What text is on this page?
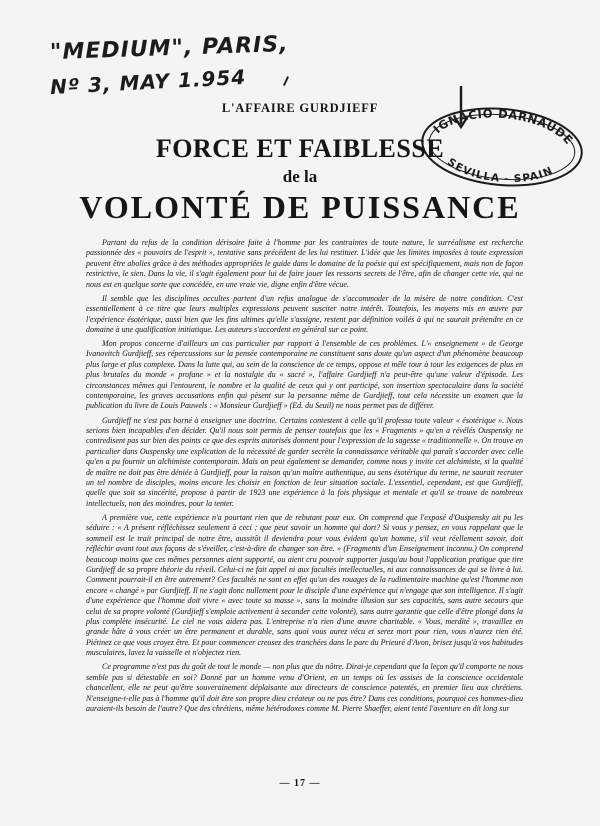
"MEDIUM", PARIS,
Nº 3, MAY 1.954
IGNACIO DARNAUDE
SEVILLA - SPAIN
L'AFFAIRE GURDJIEFF
FORCE ET FAIBLESSE
de la
VOLONTÉ DE PUISSANCE

Partant du refus de la condition dérisoire faite à l'homme par les contraintes de toute nature, le surréalisme est recherche passionnée des « pouvoirs de l'esprit », tentative sans précédent de les lui restituer. L'idée que les limites imposées à toute expression peuvent être abolies grâce à des méthodes appropriées le guide dans le domaine de la poésie qui est spécifiquement, mais non de façon restrictive, le sien. Dans la vie, il s'agit également pour lui de faire jouer les ressorts secrets de l'être, afin de changer cette vie, qui ne nous est en quelque sorte que concédée, en une vraie vie, digne enfin d'être vécue.

Il semble que les disciplines occultes partent d'un refus analogue de s'accommoder de la misère de notre condition. C'est essentiellement à ce titre que leurs multiples expressions peuvent susciter notre intérêt. Toutefois, les moyens mis en œuvre par l'expérience ésotérique, aussi bien que les fins ultimes qu'elle s'assigne, restent par définition voilés à qui ne saurait prétendre en ce domaine à une qualification initiatique. Les auteurs s'accordent en général sur ce point.

Mon propos concerne d'ailleurs un cas particulier par rapport à l'ensemble de ces problèmes. L'« enseignement » de George Ivanovitch Gurdjieff, ses répercussions sur la pensée contemporaine ne constituent sans doute qu'un aspect d'un phénomène beaucoup plus large et plus complexe. Dans la lutte qui, au sein de la conscience de ce temps, oppose et mêle tour à tour les exigences de plus en plus brutales du monde « profane » et la nostalgie du « sacré », l'affaire Gurdjieff n'a peut-être qu'une valeur d'épisode. Les circonstances mêmes qui l'entourent, le nombre et la qualité de ceux qui y ont participé, son insertion spectaculaire dans la société contemporaine, les graves accusations enfin qui pèsent sur la personne même de Gurdjieff, tout cela nécessite un examen que la publication du livre de Louis Pauwels : « Monsieur Gurdjieff » (Ed. du Seuil) ne nous permet pas de différer.

Gurdjieff ne s'est pas borné à enseigner une doctrine. Certains contestent à celle qu'il professa toute valeur « ésotérique ». Nous serions bien incapables d'en décider. Qu'il nous soit permis de penser toutefois que les « Fragments » qu'en a révélés Ouspensky ne contredisent pas sur bien des points ce que des esprits autorisés donnent pour l'expression de la sagesse « traditionnelle ». On trouve en particulier dans Ouspensky une explication de la nécessité de garder secrète la connaissance véritable qui paraît s'accorder avec celle qu'en a pu fournir un alchimiste contemporain. Mais on peut également se demander, comme nous y invite cet alchimiste, si la qualité de maître ne doit pas être déniée à Gurdjieff, pour la raison qu'un maître authentique, au sens ésotérique du terme, ne saurait recruter un tel nombre de disciples, moins encore les choisir en fonction de leur situation sociale. L'essentiel, cependant, est que Gurdjieff, quelle que soit sa sincérité, propose à partir de 1923 une expérience à la fois physique et mentale et qu'il se trouve de nombreux intellectuels, non des moindres, pour la tenter.

A première vue, cette expérience n'a pourtant rien que de rebutant pour eux. On comprend que l'exposé d'Ouspensky ait pu les séduire : « A présent réfléchissez seulement à ceci ; que peut savoir un homme qui dort? Si vous y pensez, en vous rappelant que le sommeil est le trait principal de notre être, aussitôt il deviendra pour vous évident qu'un homme, s'il veut réellement savoir, doit réfléchir avant tout aux façons de s'éveiller, c'est-à-dire de changer son être. » (Fragments d'un Enseignement inconnu.) On comprend beaucoup moins que ces mêmes personnes aient supporté, ou aient cru pouvoir supporter jusqu'au bout l'application pratique que tire Gurdjieff de sa propre théorie du réveil. Celui-ci ne fait appel ni aux facultés intellectuelles, ni aux connaissances de qui se livre à lui. Comment pourrait-il en être autrement? Ces facultés ne sont en effet qu'un des rouages de la rudimentaire machine qu'est l'homme non encore « changé » par Gurdjieff. Il ne s'agit donc nullement pour le disciple d'une expérience qui n'engage que son intelligence. Il s'agit d'une expérience que l'homme doit vivre « avec toute sa masse », sans la moindre illusion sur ses capacités, sans autre secours que celui de sa propre volonté (Gurdjieff s'emploie activement à seconder cette volonté), sans autre garantie que celle d'être plongé dans la plus complète insécurité. Le ciel ne vous aidera pas. L'entreprise n'a rien d'une œuvre charitable. « Vous, merdité », travaillez en grande hâte à vous créer un être permanent et durable, sans quoi vous aurez vécu et serez mort pour rien, vous n'aurez rien été. Piétinez ce que vous croyez être. Et pour commencer creusez des tranchées dans le parc du Prieuré d'Avon, brisez jusqu'à vos habitudes musculaires, lavez la vaisselle et n'objectez rien.

Ce programme n'est pas du goût de tout le monde — non plus que du nôtre. Dirai-je cependant que la leçon qu'il comporte ne nous semble pas si détestable en soi? Donné par un homme venu d'Orient, en un temps où les assises de la conscience occidentale chancellent, elle ne peut qu'être souverainement déplaisante aux directeurs de conscience patentés, en premier lieu aux chrétiens. N'enseigne-t-elle pas à l'homme qu'il doit être son propre dieu créateur ou ne pas être? Dans ces conditions, pourquoi ces hommes-dieu auraient-ils besoin de l'autre? Que des chrétiens, même hétérodoxes comme M. Pierre Shaeffer, aient tenté l'aventure en dit long sur

— 17 —
